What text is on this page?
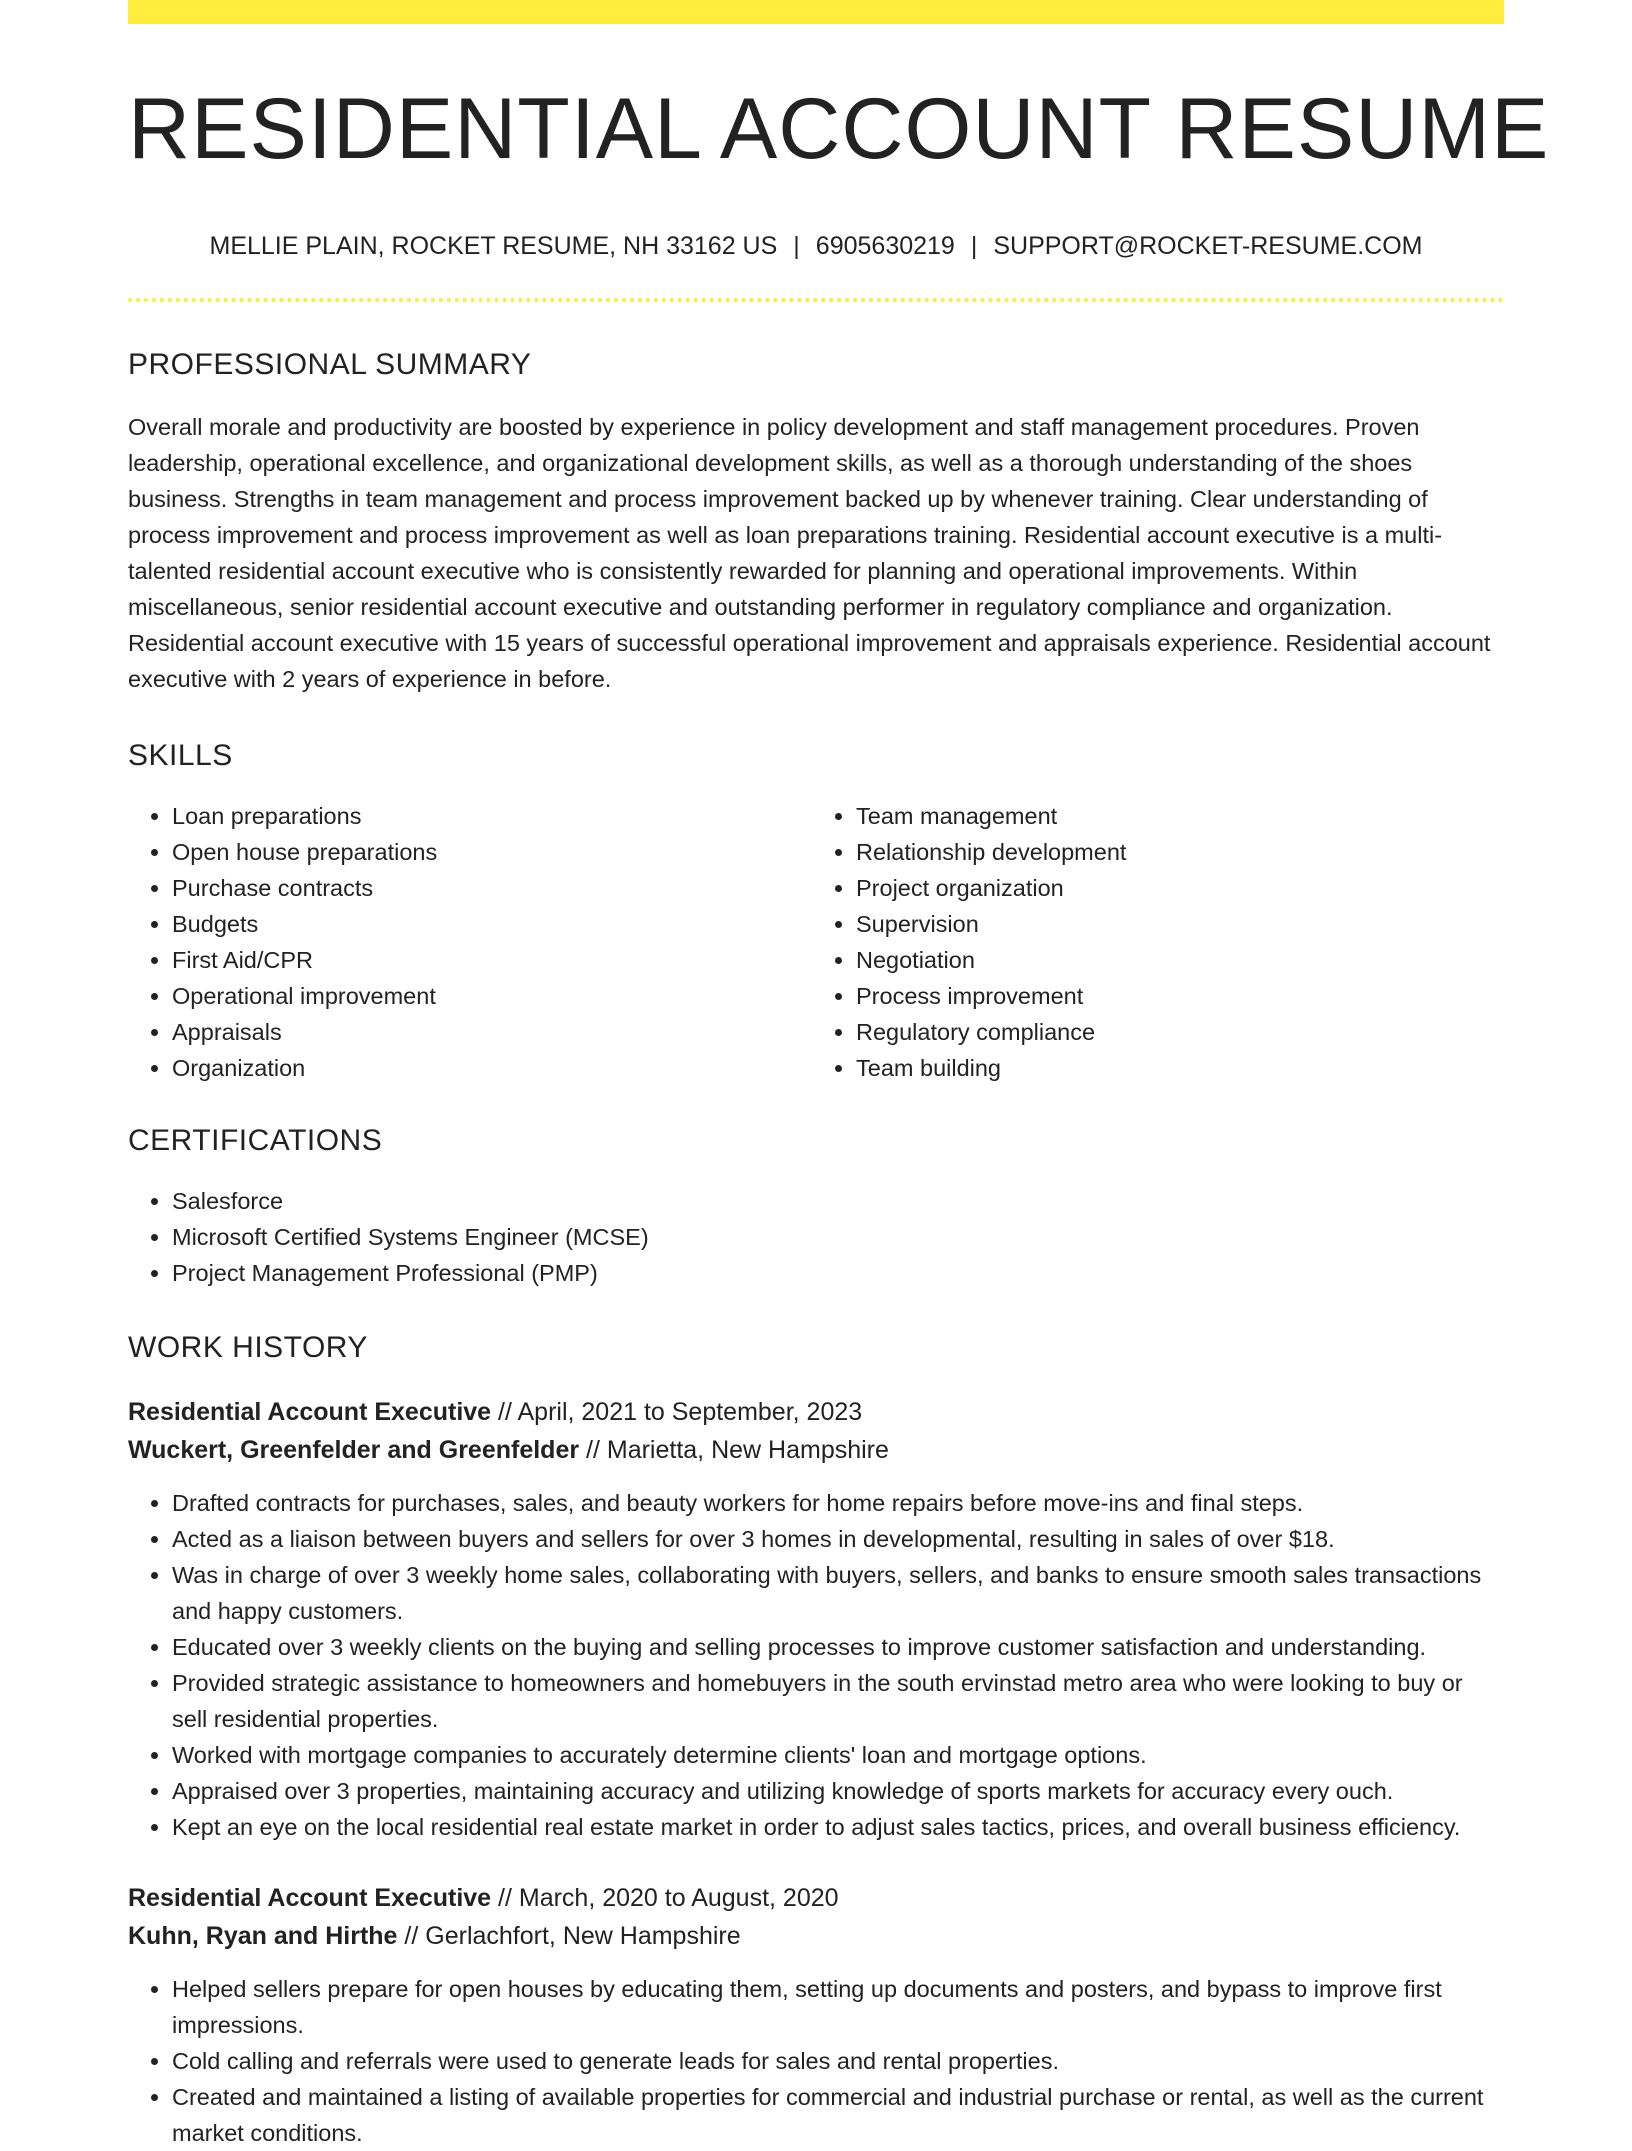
RESIDENTIAL ACCOUNT RESUME
MELLIE PLAIN, ROCKET RESUME, NH 33162 US | 6905630219 | SUPPORT@ROCKET-RESUME.COM
PROFESSIONAL SUMMARY

Overall morale and productivity are boosted by experience in policy development and staff management procedures. Proven leadership, operational excellence, and organizational development skills, as well as a thorough understanding of the shoes business. Strengths in team management and process improvement backed up by whenever training. Clear understanding of process improvement and process improvement as well as loan preparations training. Residential account executive is a multi-talented residential account executive who is consistently rewarded for planning and operational improvements. Within miscellaneous, senior residential account executive and outstanding performer in regulatory compliance and organization. Residential account executive with 15 years of successful operational improvement and appraisals experience. Residential account executive with 2 years of experience in before.

SKILLS
• Loan preparations
• Open house preparations
• Purchase contracts
• Budgets
• First Aid/CPR
• Operational improvement
• Appraisals
• Organization
• Team management
• Relationship development
• Project organization
• Supervision
• Negotiation
• Process improvement
• Regulatory compliance
• Team building
CERTIFICATIONS
• Salesforce
• Microsoft Certified Systems Engineer (MCSE)
• Project Management Professional (PMP)
WORK HISTORY
Residential Account Executive // April, 2021 to September, 2023
Wuckert, Greenfelder and Greenfelder // Marietta, New Hampshire
• Drafted contracts for purchases, sales, and beauty workers for home repairs before move-ins and final steps.
• Acted as a liaison between buyers and sellers for over 3 homes in developmental, resulting in sales of over $18.
• Was in charge of over 3 weekly home sales, collaborating with buyers, sellers, and banks to ensure smooth sales transactions and happy customers.
• Educated over 3 weekly clients on the buying and selling processes to improve customer satisfaction and understanding.
• Provided strategic assistance to homeowners and homebuyers in the south ervinstad metro area who were looking to buy or sell residential properties.
• Worked with mortgage companies to accurately determine clients' loan and mortgage options.
• Appraised over 3 properties, maintaining accuracy and utilizing knowledge of sports markets for accuracy every ouch.
• Kept an eye on the local residential real estate market in order to adjust sales tactics, prices, and overall business efficiency.
Residential Account Executive // March, 2020 to August, 2020
Kuhn, Ryan and Hirthe // Gerlachfort, New Hampshire
• Helped sellers prepare for open houses by educating them, setting up documents and posters, and bypass to improve first impressions.
• Cold calling and referrals were used to generate leads for sales and rental properties.
• Created and maintained a listing of available properties for commercial and industrial purchase or rental, as well as the current market conditions.
